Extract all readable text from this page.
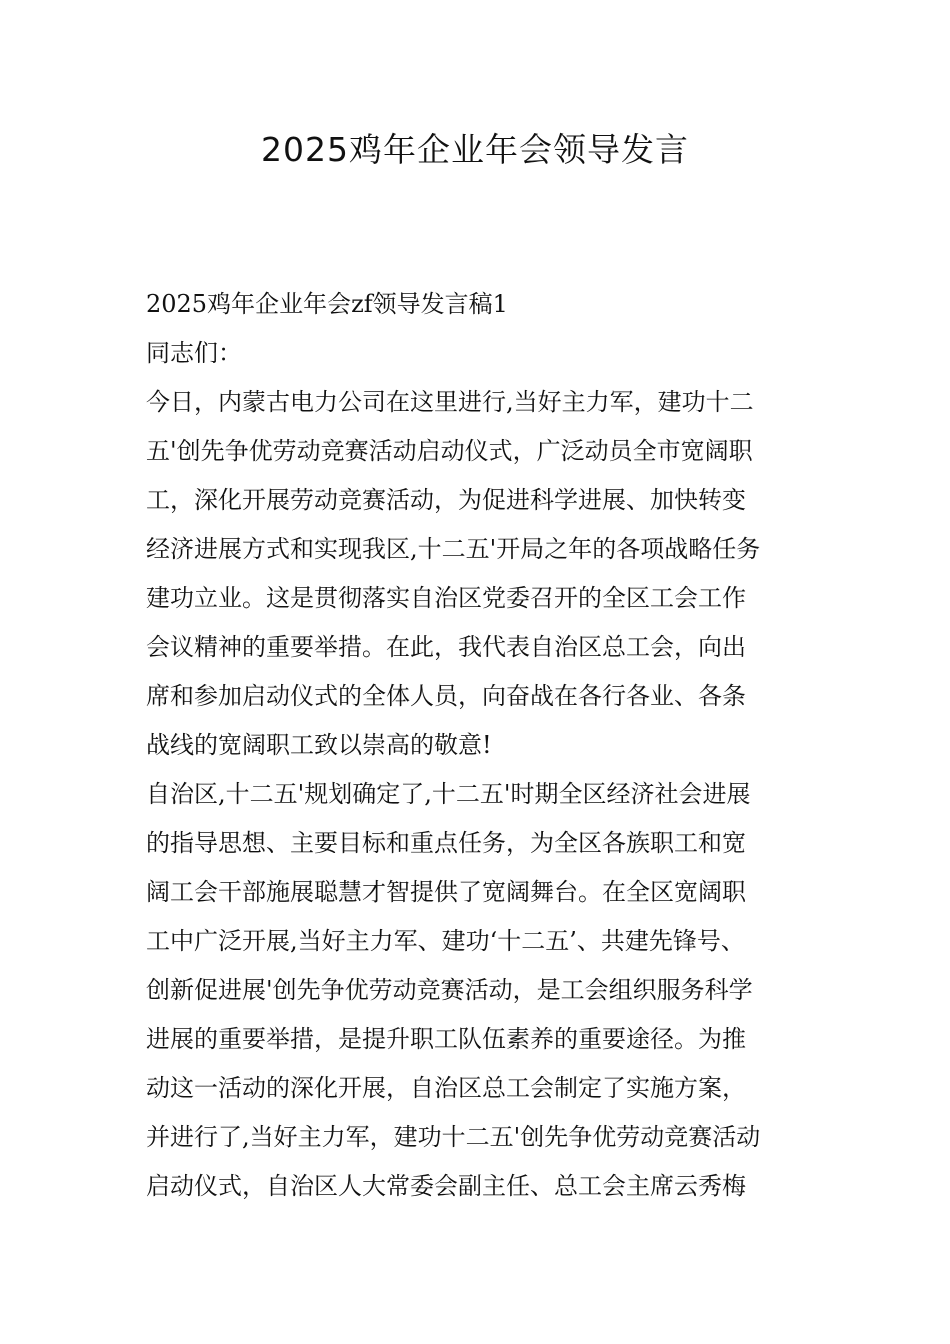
2025鸡年企业年会领导发言
2025鸡年企业年会zf领导发言稿1
同志们：
今日，内蒙古电力公司在这里进行,当好主力军，建功十二
五'创先争优劳动竞赛活动启动仪式，广泛动员全市宽阔职
工，深化开展劳动竞赛活动，为促进科学进展、加快转变
经济进展方式和实现我区,十二五'开局之年的各项战略任务
建功立业。这是贯彻落实自治区党委召开的全区工会工作
会议精神的重要举措。在此，我代表自治区总工会，向出
席和参加启动仪式的全体人员，向奋战在各行各业、各条
战线的宽阔职工致以崇高的敬意!
自治区,十二五'规划确定了,十二五'时期全区经济社会进展
的指导思想、主要目标和重点任务，为全区各族职工和宽
阔工会干部施展聪慧才智提供了宽阔舞台。在全区宽阔职
工中广泛开展,当好主力军、建功‘十二五’、共建先锋号、
创新促进展'创先争优劳动竞赛活动，是工会组织服务科学
进展的重要举措，是提升职工队伍素养的重要途径。为推
动这一活动的深化开展，自治区总工会制定了实施方案，
并进行了,当好主力军，建功十二五'创先争优劳动竞赛活动
启动仪式，自治区人大常委会副主任、总工会主席云秀梅
